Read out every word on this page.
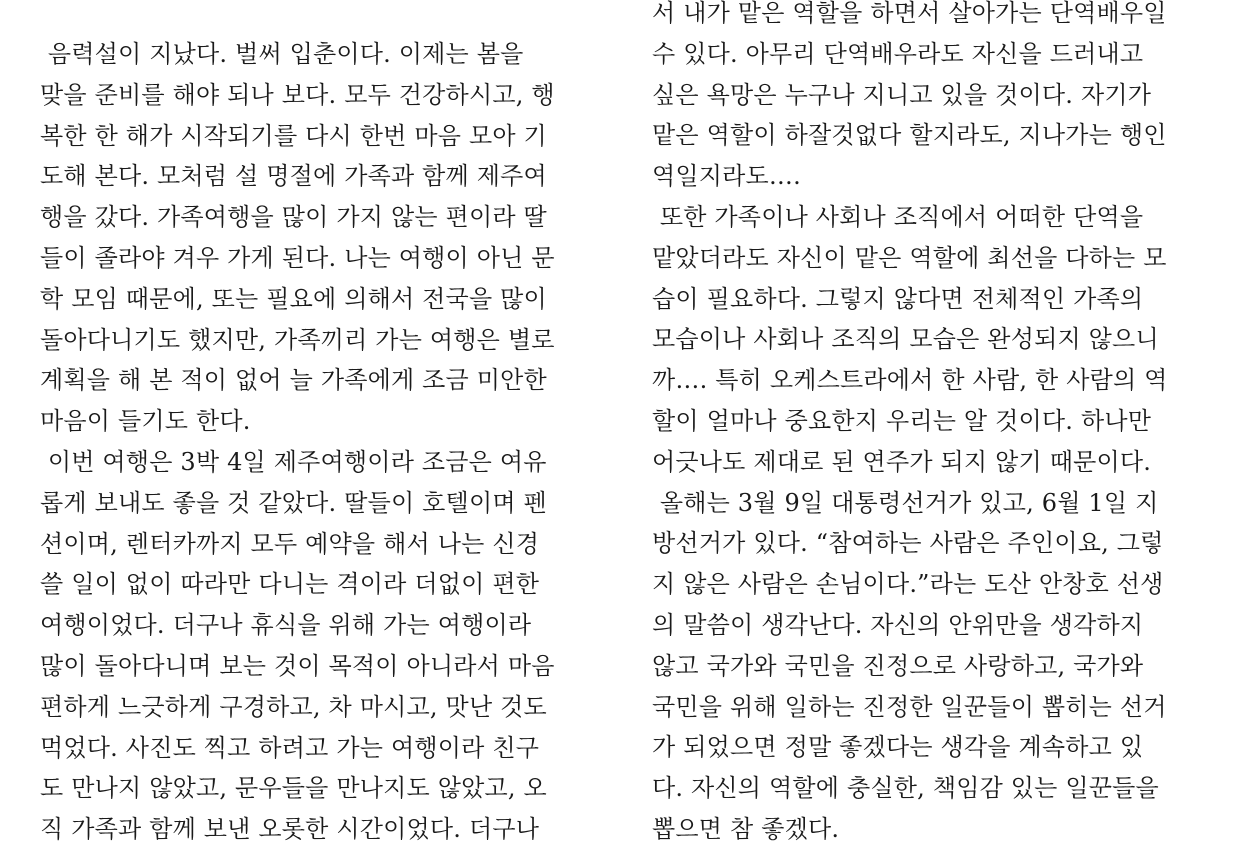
음력설이 지났다. 벌써 입춘이다. 이제는 봄을
맞을 준비를 해야 되나 보다. 모두 건강하시고, 행
복한 한 해가 시작되기를 다시 한번 마음 모아 기
도해 본다. 모처럼 설 명절에 가족과 함께 제주여
행을 갔다. 가족여행을 많이 가지 않는 편이라 딸
들이 졸라야 겨우 가게 된다. 나는 여행이 아닌 문
학 모임 때문에, 또는 필요에 의해서 전국을 많이
돌아다니기도 했지만, 가족끼리 가는 여행은 별로
계획을 해 본 적이 없어 늘 가족에게 조금 미안한
마음이 들기도 한다.
이번 여행은 3박 4일 제주여행이라 조금은 여유
롭게 보내도 좋을 것 같았다. 딸들이 호텔이며 펜
션이며, 렌터카까지 모두 예약을 해서 나는 신경
쓸 일이 없이 따라만 다니는 격이라 더없이 편한
여행이었다. 더구나 휴식을 위해 가는 여행이라
많이 돌아다니며 보는 것이 목적이 아니라서 마음
편하게 느긋하게 구경하고, 차 마시고, 맛난 것도
먹었다. 사진도 찍고 하려고 가는 여행이라 친구
도 만나지 않았고, 문우들을 만나지도 않았고, 오
직 가족과 함께 보낸 오롯한 시간이었다. 더구나
서 내가 맡은 역할을 하면서 살아가는 단역배우일
수 있다. 아무리 단역배우라도 자신을 드러내고
싶은 욕망은 누구나 지니고 있을 것이다. 자기가
맡은 역할이 하잘것없다 할지라도, 지나가는 행인
역일지라도….
또한 가족이나 사회나 조직에서 어떠한 단역을
맡았더라도 자신이 맡은 역할에 최선을 다하는 모
습이 필요하다. 그렇지 않다면 전체적인 가족의
모습이나 사회나 조직의 모습은 완성되지 않으니
까…. 특히 오케스트라에서 한 사람, 한 사람의 역
할이 얼마나 중요한지 우리는 알 것이다. 하나만
어긋나도 제대로 된 연주가 되지 않기 때문이다.
올해는 3월 9일 대통령선거가 있고, 6월 1일 지
방선거가 있다. “참여하는 사람은 주인이요, 그렇
지 않은 사람은 손님이다.”라는 도산 안창호 선생
의 말씀이 생각난다. 자신의 안위만을 생각하지
않고 국가와 국민을 진정으로 사랑하고, 국가와
국민을 위해 일하는 진정한 일꾼들이 뽑히는 선거
가 되었으면 정말 좋겠다는 생각을 계속하고 있
다. 자신의 역할에 충실한, 책임감 있는 일꾼들을
뽑으면 참 좋겠다.
